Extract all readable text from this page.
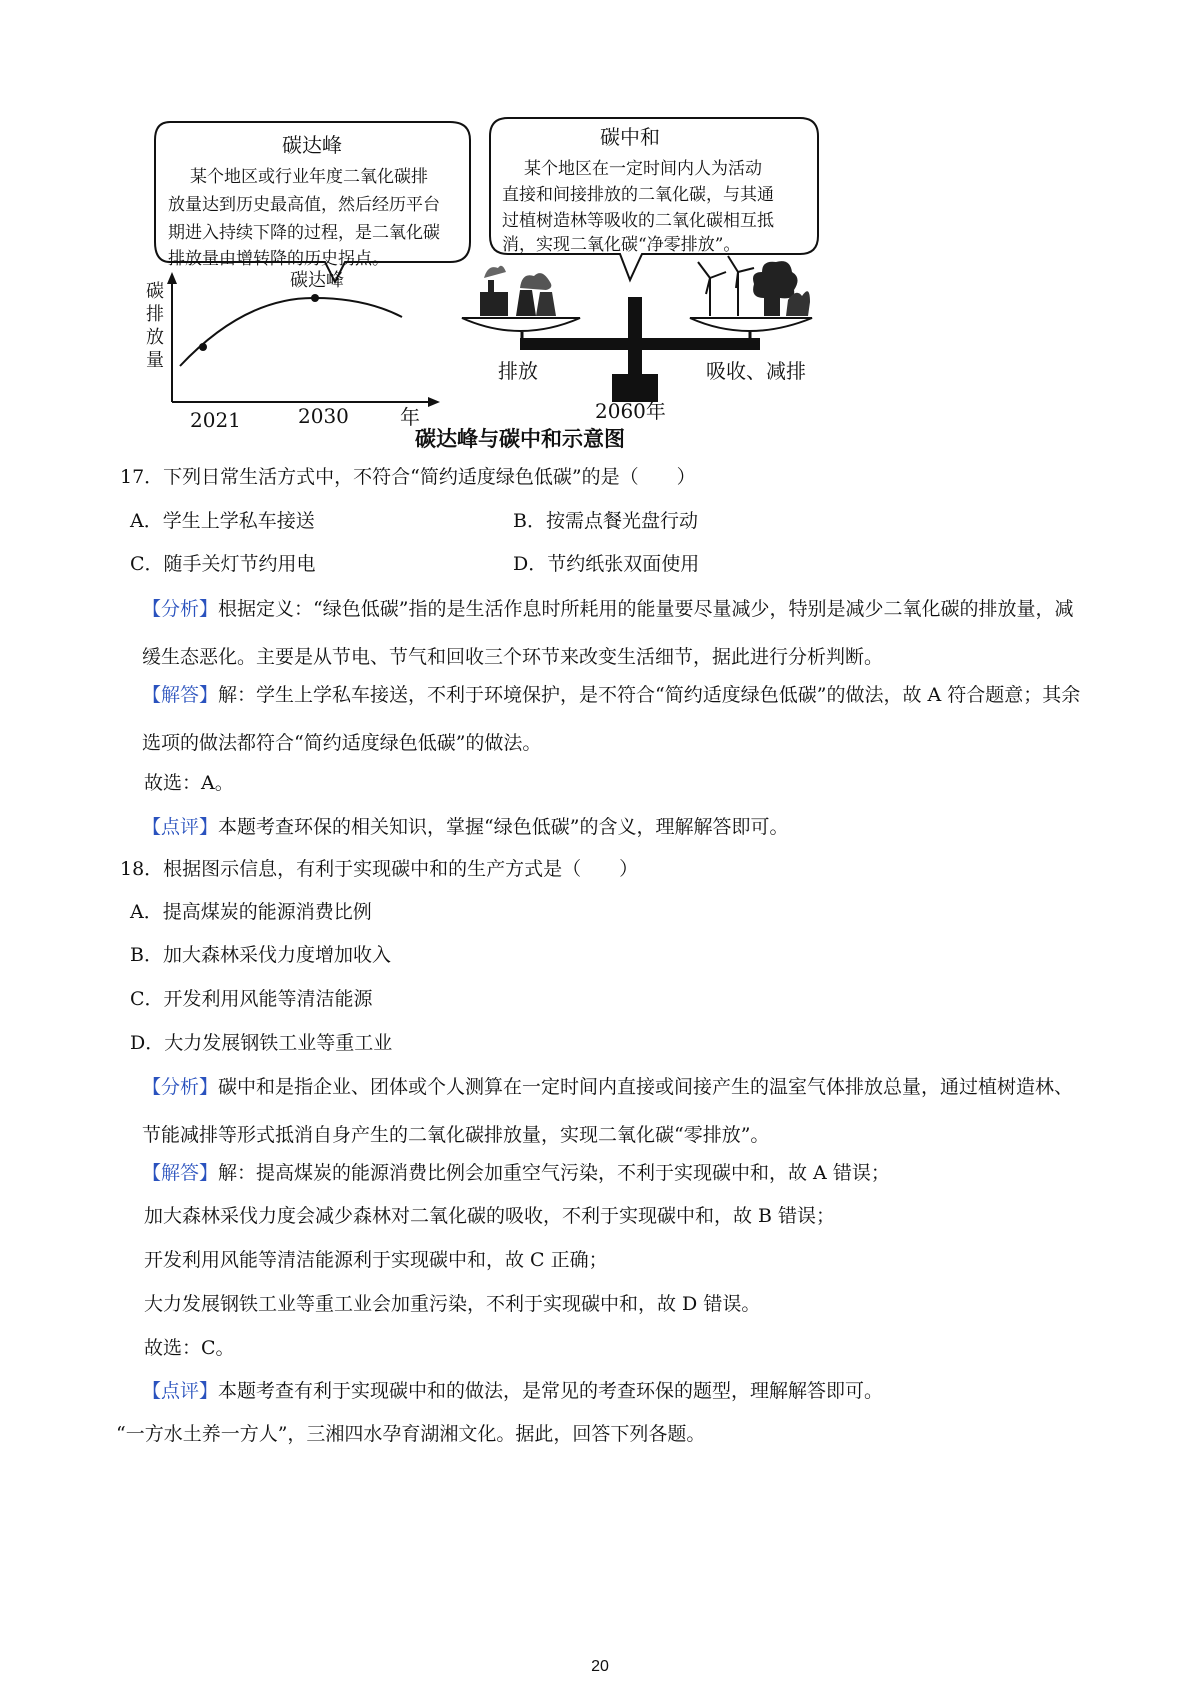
碳达峰
某个地区或行业年度二氧化碳排
放量达到历史最高值，然后经历平台
期进入持续下降的过程，是二氧化碳
排放量由增转降的历史拐点。
碳中和
某个地区在一定时间内人为活动
直接和间接排放的二氧化碳，与其通
过植树造林等吸收的二氧化碳相互抵
消，实现二氧化碳“净零排放”。
碳达峰
碳
排
放
量
2021	2030	年
排放	吸收、减排
2060年
碳达峰与碳中和示意图
17．下列日常生活方式中，不符合“简约适度绿色低碳”的是（　　）
A．学生上学私车接送	B．按需点餐光盘行动
C．随手关灯节约用电	D．节约纸张双面使用
【分析】根据定义：“绿色低碳”指的是生活作息时所耗用的能量要尽量减少，特别是减少二氧化碳的排放量，减缓生态恶化。主要是从节电、节气和回收三个环节来改变生活细节，据此进行分析判断。
【解答】解：学生上学私车接送，不利于环境保护，是不符合“简约适度绿色低碳”的做法，故 A 符合题意；其余选项的做法都符合“简约适度绿色低碳”的做法。
故选：A。
【点评】本题考查环保的相关知识，掌握“绿色低碳”的含义，理解解答即可。
18．根据图示信息，有利于实现碳中和的生产方式是（　　）
A．提高煤炭的能源消费比例
B．加大森林采伐力度增加收入
C．开发利用风能等清洁能源
D．大力发展钢铁工业等重工业
【分析】碳中和是指企业、团体或个人测算在一定时间内直接或间接产生的温室气体排放总量，通过植树造林、节能减排等形式抵消自身产生的二氧化碳排放量，实现二氧化碳“零排放”。
【解答】解：提高煤炭的能源消费比例会加重空气污染，不利于实现碳中和，故 A 错误；
加大森林采伐力度会减少森林对二氧化碳的吸收，不利于实现碳中和，故 B 错误；
开发利用风能等清洁能源利于实现碳中和，故 C 正确；
大力发展钢铁工业等重工业会加重污染，不利于实现碳中和，故 D 错误。
故选：C。
【点评】本题考查有利于实现碳中和的做法，是常见的考查环保的题型，理解解答即可。
“一方水土养一方人”，三湘四水孕育湖湘文化。据此，回答下列各题。
20
